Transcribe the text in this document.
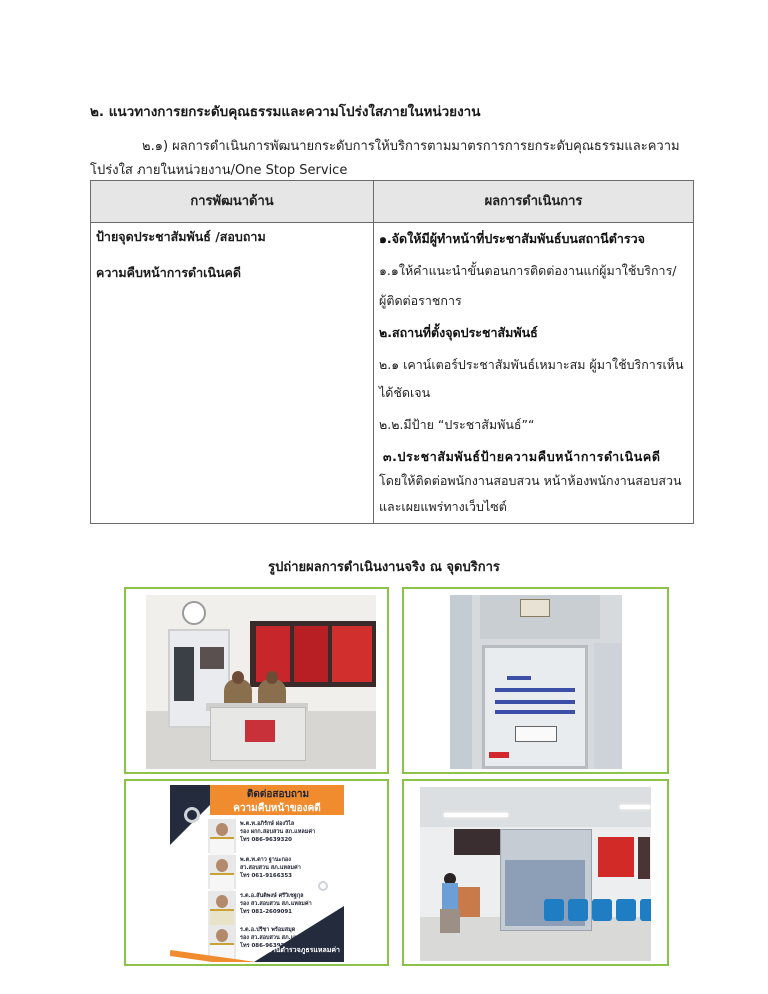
๒. แนวทางการยกระดับคุณธรรมและความโปร่งใสภายในหน่วยงาน
๒.๑) ผลการดำเนินการพัฒนายกระดับการให้บริการตามมาตรการการยกระดับคุณธรรมและความ
โปร่งใส ภายในหน่วยงาน/One Stop Service
การพัฒนาด้าน	ผลการดำเนินการ
ป้ายจุดประชาสัมพันธ์ /สอบถาม
ความคืบหน้าการดำเนินคดี
๑.จัดให้มีผู้ทำหน้าที่ประชาสัมพันธ์บนสถานีตำรวจ
๑.๑ให้คำแนะนำขั้นตอนการติดต่องานแก่ผู้มาใช้บริการ/
ผู้ติดต่อราชการ
๒.สถานที่ตั้งจุดประชาสัมพันธ์
๒.๑ เคาน์เตอร์ประชาสัมพันธ์เหมาะสม ผู้มาใช้บริการเห็น
ได้ชัดเจน
๒.๒.มีป้าย “ประชาสัมพันธ์”“
๓.ประชาสัมพันธ์ป้ายความคืบหน้าการดำเนินคดี
โดยให้ติดต่อพนักงานสอบสวน หน้าห้องพนักงานสอบสวน
และเผยแพร่ทางเว็บไซต์
รูปถ่ายผลการดำเนินงานจริง ณ จุดบริการ
ติดต่อสอบถาม
ความคืบหน้าของคดี
พ.ต.ท.อภิรักษ์ ผ่องวิไล
รอง ผกก.สอบสวน สภ.แหลมค่า
โทร 086-9639320
พ.ต.ท.ดาว ฐานะกอง
สว.สอบสวน สภ.แหลมค่า
โทร 061-9166353
ร.ต.อ.สันติพงษ์ ศรีวิเชฐกุล
รอง สว.สอบสวน สภ.แหลมค่า
โทร 081-2609091
ร.ต.อ.ปรีชา พร้อมสมุด
รอง สว.สอบสวน สภ.แหลมค่า
โทร 086-9639320
สถานีตำรวจภูธรแหลมค่า
